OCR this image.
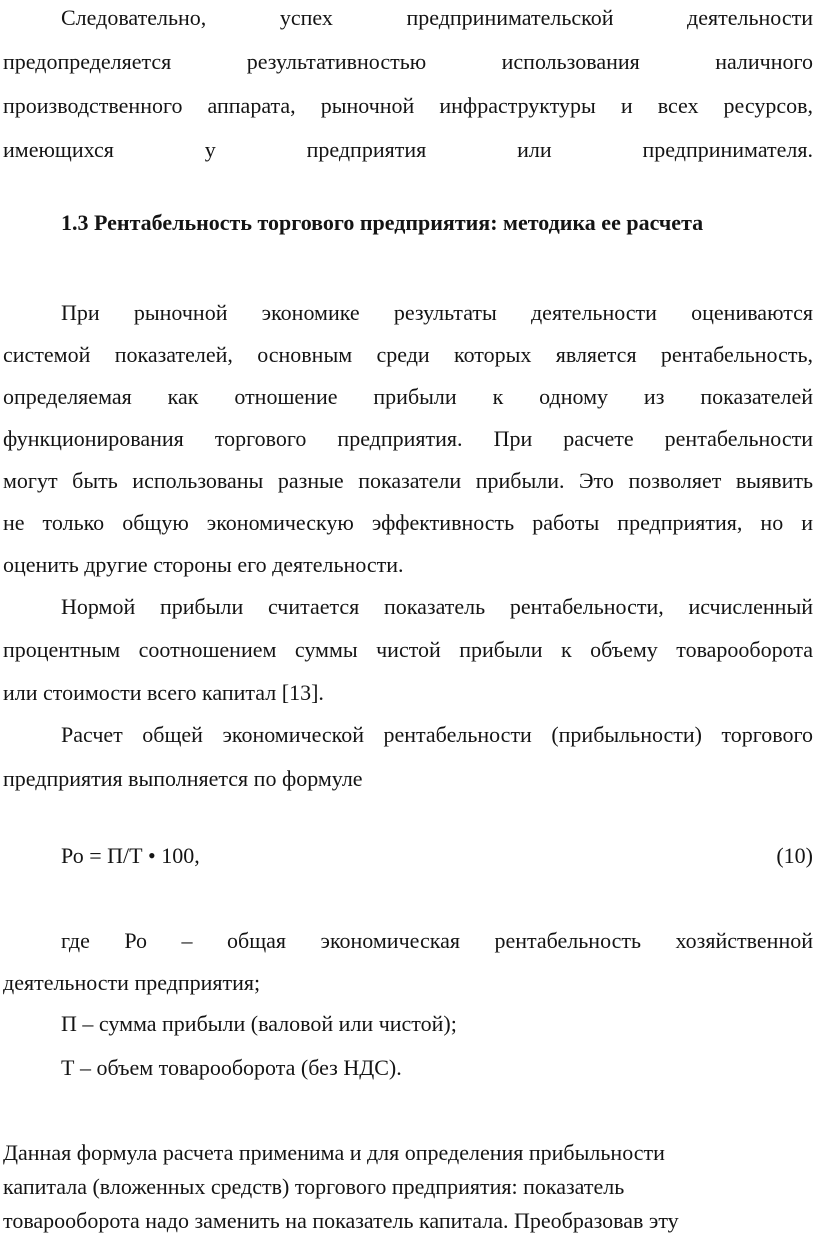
Следовательно, успех предпринимательской деятельности
предопределяется результативностью использования наличного
производственного аппарата, рыночной инфраструктуры и всех ресурсов,
имеющихся у предприятия или предпринимателя.
1.3 Рентабельность торгового предприятия: методика ее расчета
При рыночной экономике результаты деятельности оцениваются
системой показателей, основным среди которых является рентабельность,
определяемая как отношение прибыли к одному из показателей
функционирования торгового предприятия. При расчете рентабельности
могут быть использованы разные показатели прибыли. Это позволяет выявить
не только общую экономическую эффективность работы предприятия, но и
оценить другие стороны его деятельности.
Нормой прибыли считается показатель рентабельности, исчисленный
процентным соотношением суммы чистой прибыли к объему товарооборота
или стоимости всего капитал [13].
Расчет общей экономической рентабельности (прибыльности) торгового
предприятия выполняется по формуле
Ро = П/Т • 100,	(10)
где Ро – общая экономическая рентабельность хозяйственной
деятельности предприятия;
П – сумма прибыли (валовой или чистой);
Т – объем товарооборота (без НДС).
Данная формула расчета применима и для определения прибыльности
капитала (вложенных средств) торгового предприятия: показатель
товарооборота надо заменить на показатель капитала. Преобразовав эту
